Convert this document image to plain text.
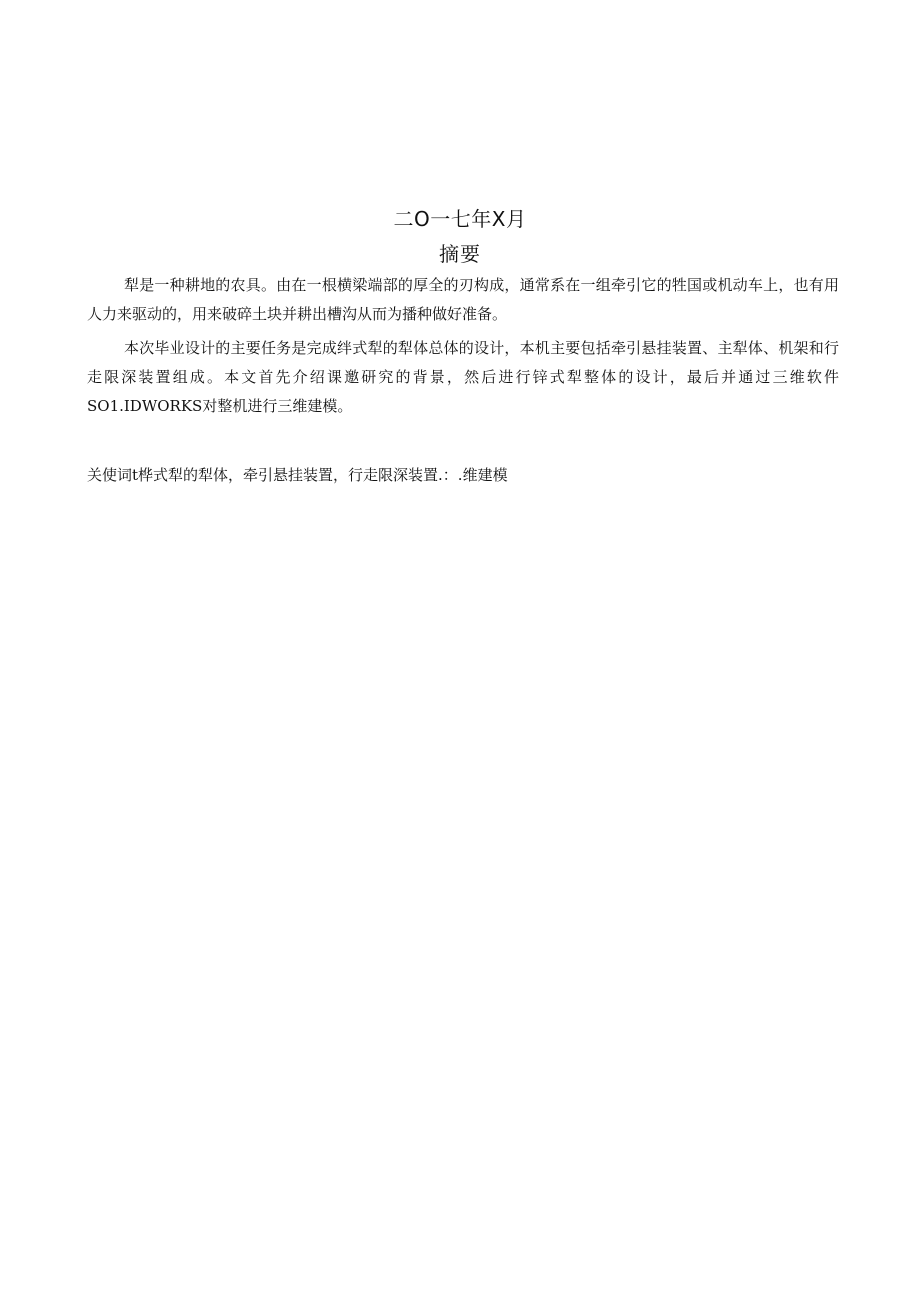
二O一七年X月
摘要

犁是一种耕地的农具。由在一根横梁端部的厚全的刃构成，通常系在一组牵引它的牲国或机动车上，也有用人力来驱动的，用来破碎土块并耕出槽沟从而为播种做好准备。

本次毕业设计的主要任务是完成绊式犁的犁体总体的设计，本机主要包括牵引悬挂装置、主犁体、机架和行走限深装置组成。本文首先介绍课邀研究的背景，然后进行锌式犁整体的设计，最后并通过三维软件SO1.IDWORKS对整机进行三维建模。

关使词t桦式犁的犁体，牵引悬挂装置，行走限深装置.：.维建模
